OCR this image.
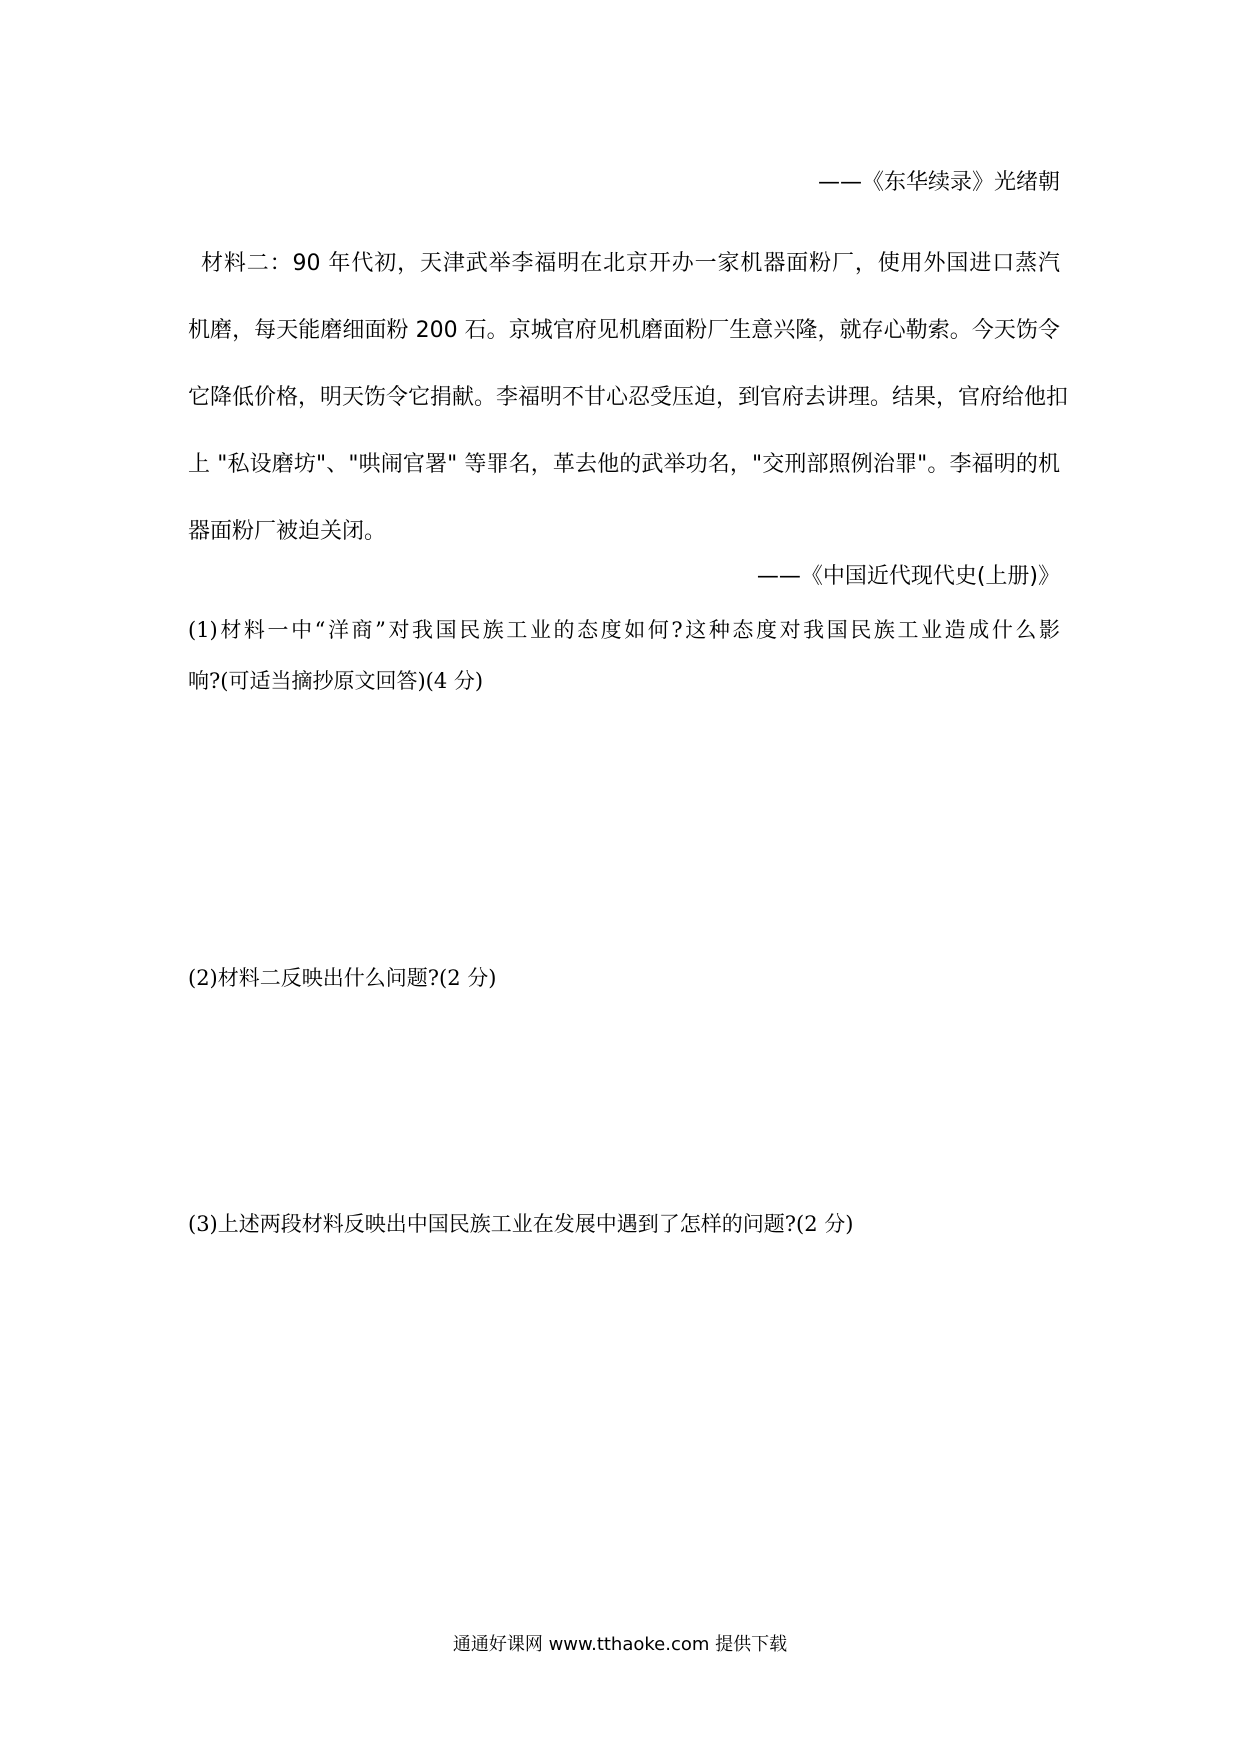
——《东华续录》光绪朝
材料二：90 年代初，天津武举李福明在北京开办一家机器面粉厂，使用外国进口蒸汽
机磨，每天能磨细面粉 200 石。京城官府见机磨面粉厂生意兴隆，就存心勒索。今天饬令
它降低价格，明天饬令它捐献。李福明不甘心忍受压迫，到官府去讲理。结果，官府给他扣
上 "私设磨坊"、"哄闹官署" 等罪名，革去他的武举功名，"交刑部照例治罪"。李福明的机
器面粉厂被迫关闭。
——《中国近代现代史(上册)》
(1)材料一中“洋商”对我国民族工业的态度如何?这种态度对我国民族工业造成什么影
响?(可适当摘抄原文回答)(4 分)
(2)材料二反映出什么问题?(2 分)
(3)上述两段材料反映出中国民族工业在发展中遇到了怎样的问题?(2 分)
通通好课网 www.tthaoke.com 提供下载
